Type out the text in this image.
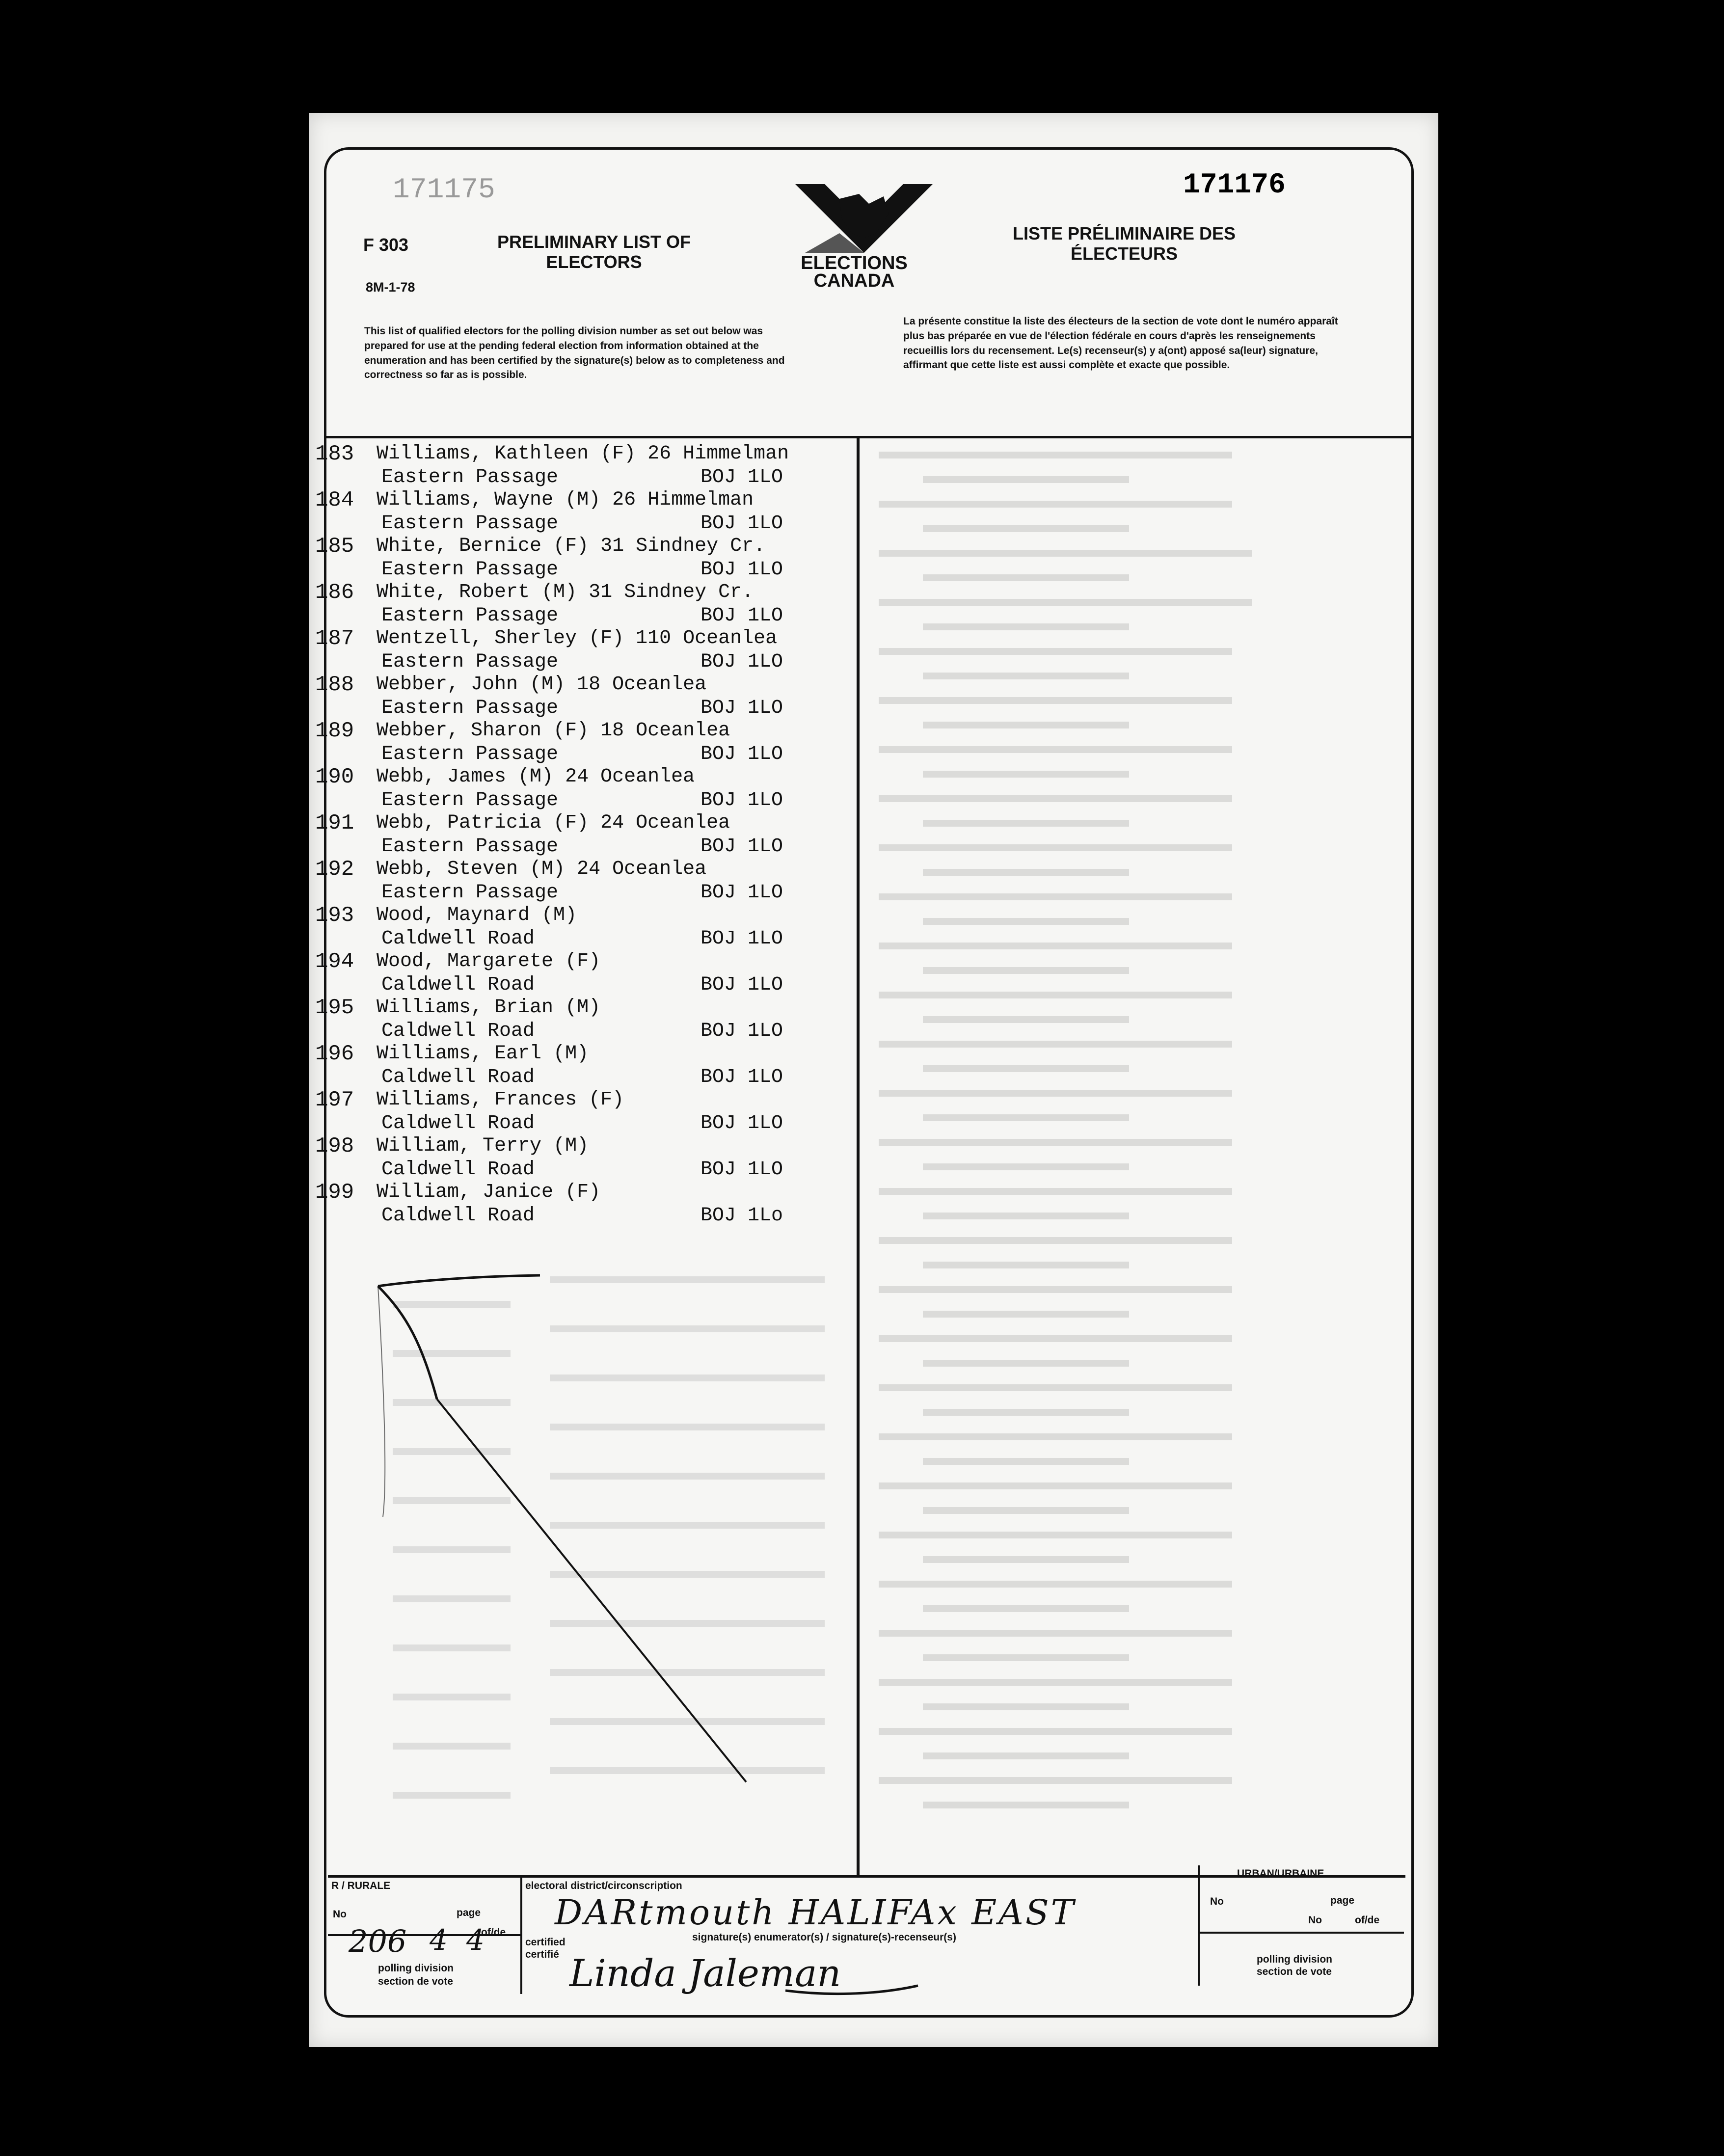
171175	171176
F 303
8M-1-78
PRELIMINARY LIST OF
ELECTORS	ELECTIONS
CANADA
LISTE PRÉLIMINAIRE DES
ÉLECTEURS
This list of qualified electors for the polling division number as set out below was prepared for use at the pending federal election from information obtained at the enumeration and has been certified by the signature(s) below as to completeness and correctness so far as is possible.
La présente constitue la liste des électeurs de la section de vote dont le numéro apparaît plus bas préparée en vue de l'élection fédérale en cours d'après les renseignements recueillis lors du recensement. Le(s) recenseur(s) y a(ont) apposé sa(leur) signature, affirmant que cette liste est aussi complète et exacte que possible.
183 Williams, Kathleen (F) 26 Himmelman
Eastern Passage	BOJ 1LO
184 Williams, Wayne (M) 26 Himmelman
Eastern Passage	BOJ 1LO
185 White, Bernice (F) 31 Sindney Cr.
Eastern Passage	BOJ 1LO
186 White, Robert (M) 31 Sindney Cr.
Eastern Passage	BOJ 1LO
187 Wentzell, Sherley (F) 110 Oceanlea
Eastern Passage	BOJ 1LO
188 Webber, John (M) 18 Oceanlea
Eastern Passage	BOJ 1LO
189 Webber, Sharon (F) 18 Oceanlea
Eastern Passage	BOJ 1LO
190 Webb, James (M) 24 Oceanlea
Eastern Passage	BOJ 1LO
191 Webb, Patricia (F) 24 Oceanlea
Eastern Passage	BOJ 1LO
192 Webb, Steven (M) 24 Oceanlea
Eastern Passage	BOJ 1LO
193 Wood, Maynard (M)
Caldwell Road	BOJ 1LO
194 Wood, Margarete (F)
Caldwell Road	BOJ 1LO
195 Williams, Brian (M)
Caldwell Road	BOJ 1LO
196 Williams, Earl (M)
Caldwell Road	BOJ 1LO
197 Williams, Frances (F)
Caldwell Road	BOJ 1LO
198 William, Terry (M)
Caldwell Road	BOJ 1LO
199 William, Janice (F)
Caldwell Road	BOJ 1Lo
R / RURALE
No	page
of/de
206 4 4
polling division
section de vote
electoral district/circonscription
DARtmouth HALIFAx EAST
certified
certifié
signature(s) enumerator(s) / signature(s)-recenseur(s)
Linda Jaleman
URBAN/URBAINE
No	page
No	of/de
polling division
section de vote
